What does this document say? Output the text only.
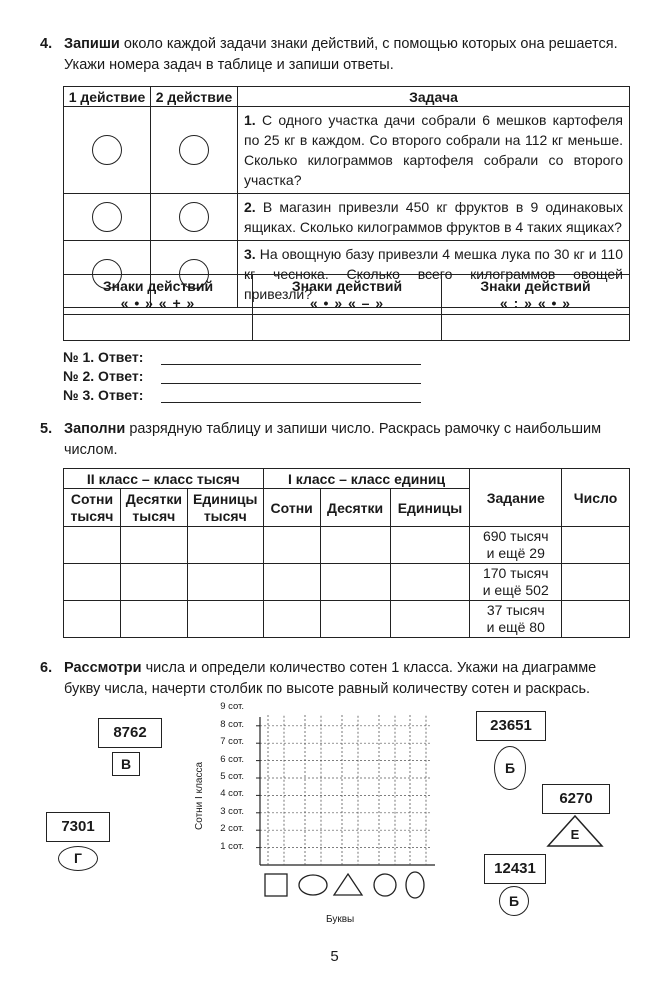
4. Запиши около каждой задачи знаки действий, с помощью которых она решается.
Укажи номера задач в таблице и запиши ответы.
1 действие	2 действие	Задача

	1. С одного участка дачи собрали 6 мешков картофеля по 25 кг в каждом. Со второго собрали на 112 кг меньше. Сколько килограммов картофеля собрали со второго участка?

	2. В магазин привезли 450 кг фруктов в 9 одинаковых ящиках. Сколько килограммов фруктов в 4 таких ящиках?

	3. На овощную базу привезли 4 мешка лука по 30 кг и 110 кг чеснока. Сколько всего килограммов овощей привезли?
Знаки действий
« • » « + »	Знаки действий
« • » « – »	Знаки действий
« : » « • »

№ 1. Ответ:
№ 2. Ответ:
№ 3. Ответ:
5. Заполни разрядную таблицу и запиши число. Раскрась рамочку с наибольшим
числом.
II класс – класс тысяч			I класс – класс единиц			Задание	Число
Сотни тысяч	Десятки тысяч	Единицы тысяч	Сотни	Десятки	Единицы		
						690 тысяч
и ещё 29	
						170 тысяч
и ещё 502	
						37 тысяч
и ещё 80	
6. Рассмотри числа и определи количество сотен 1 класса. Укажи на диаграмме
букву числа, начерти столбик по высоте равный количеству сотен и раскрась.
8762
В
7301
Г
23651
Б
6270
Е
12431
Б
Сотни I класса
1 сот.
2 сот.
3 сот.
4 сот.
5 сот.
6 сот.
7 сот.
8 сот.
9 сот.
Буквы
5
